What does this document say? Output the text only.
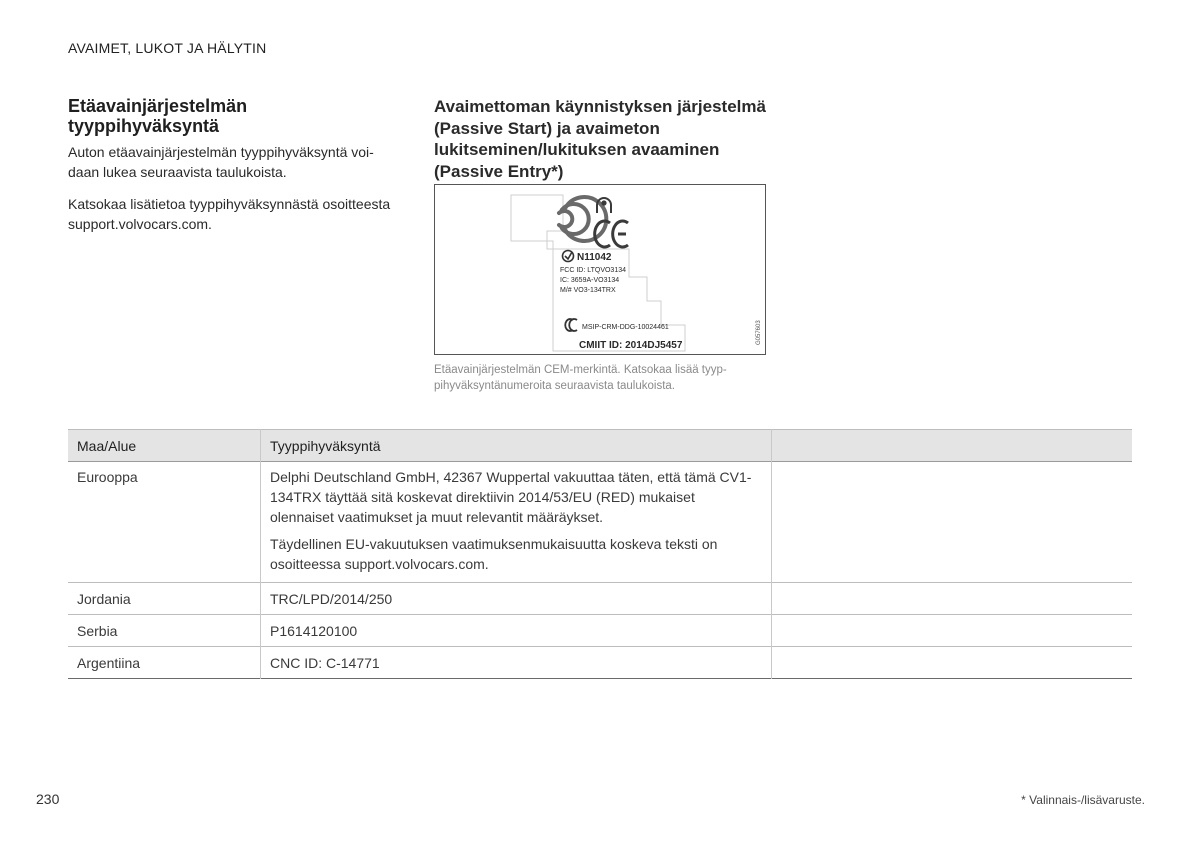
AVAIMET, LUKOT JA HÄLYTIN
Etäavainjärjestelmän tyyppihyväksyntä

Auton etäavainjärjestelmän tyyppihyväksyntä voidaan lukea seuraavista taulukoista.

Katsokaa lisätietoa tyyppihyväksynnästä osoitteesta support.volvocars.com.

Avaimettoman käynnistyksen järjestelmä (Passive Start) ja avaimeton lukitseminen/lukituksen avaaminen (Passive Entry*)
N11042
FCC ID: LTQVO3134
IC: 3659A-VO3134
M/# VO3-134TRX
MSIP-CRM-DDG-10024461
CMIIT ID: 2014DJ5457
G057603
Etäavainjärjestelmän CEM-merkintä. Katsokaa lisää tyyppihyväksyntänumeroita seuraavista taulukoista.
Maa/Alue	Tyyppihyväksyntä	
Eurooppa	Delphi Deutschland GmbH, 42367 Wuppertal vakuuttaa täten, että tämä CV1-134TRX täyttää sitä koskevat direktiivin 2014/53/EU (RED) mukaiset olennaiset vaatimukset ja muut relevantit määräykset.

Täydellinen EU-vakuutuksen vaatimuksenmukaisuutta koskeva teksti on osoitteessa support.volvocars.com.	

Jordania	TRC/LPD/2014/250	
Serbia	P1614120100	
Argentiina	CNC ID: C-14771	
230	* Valinnais-/lisävaruste.
